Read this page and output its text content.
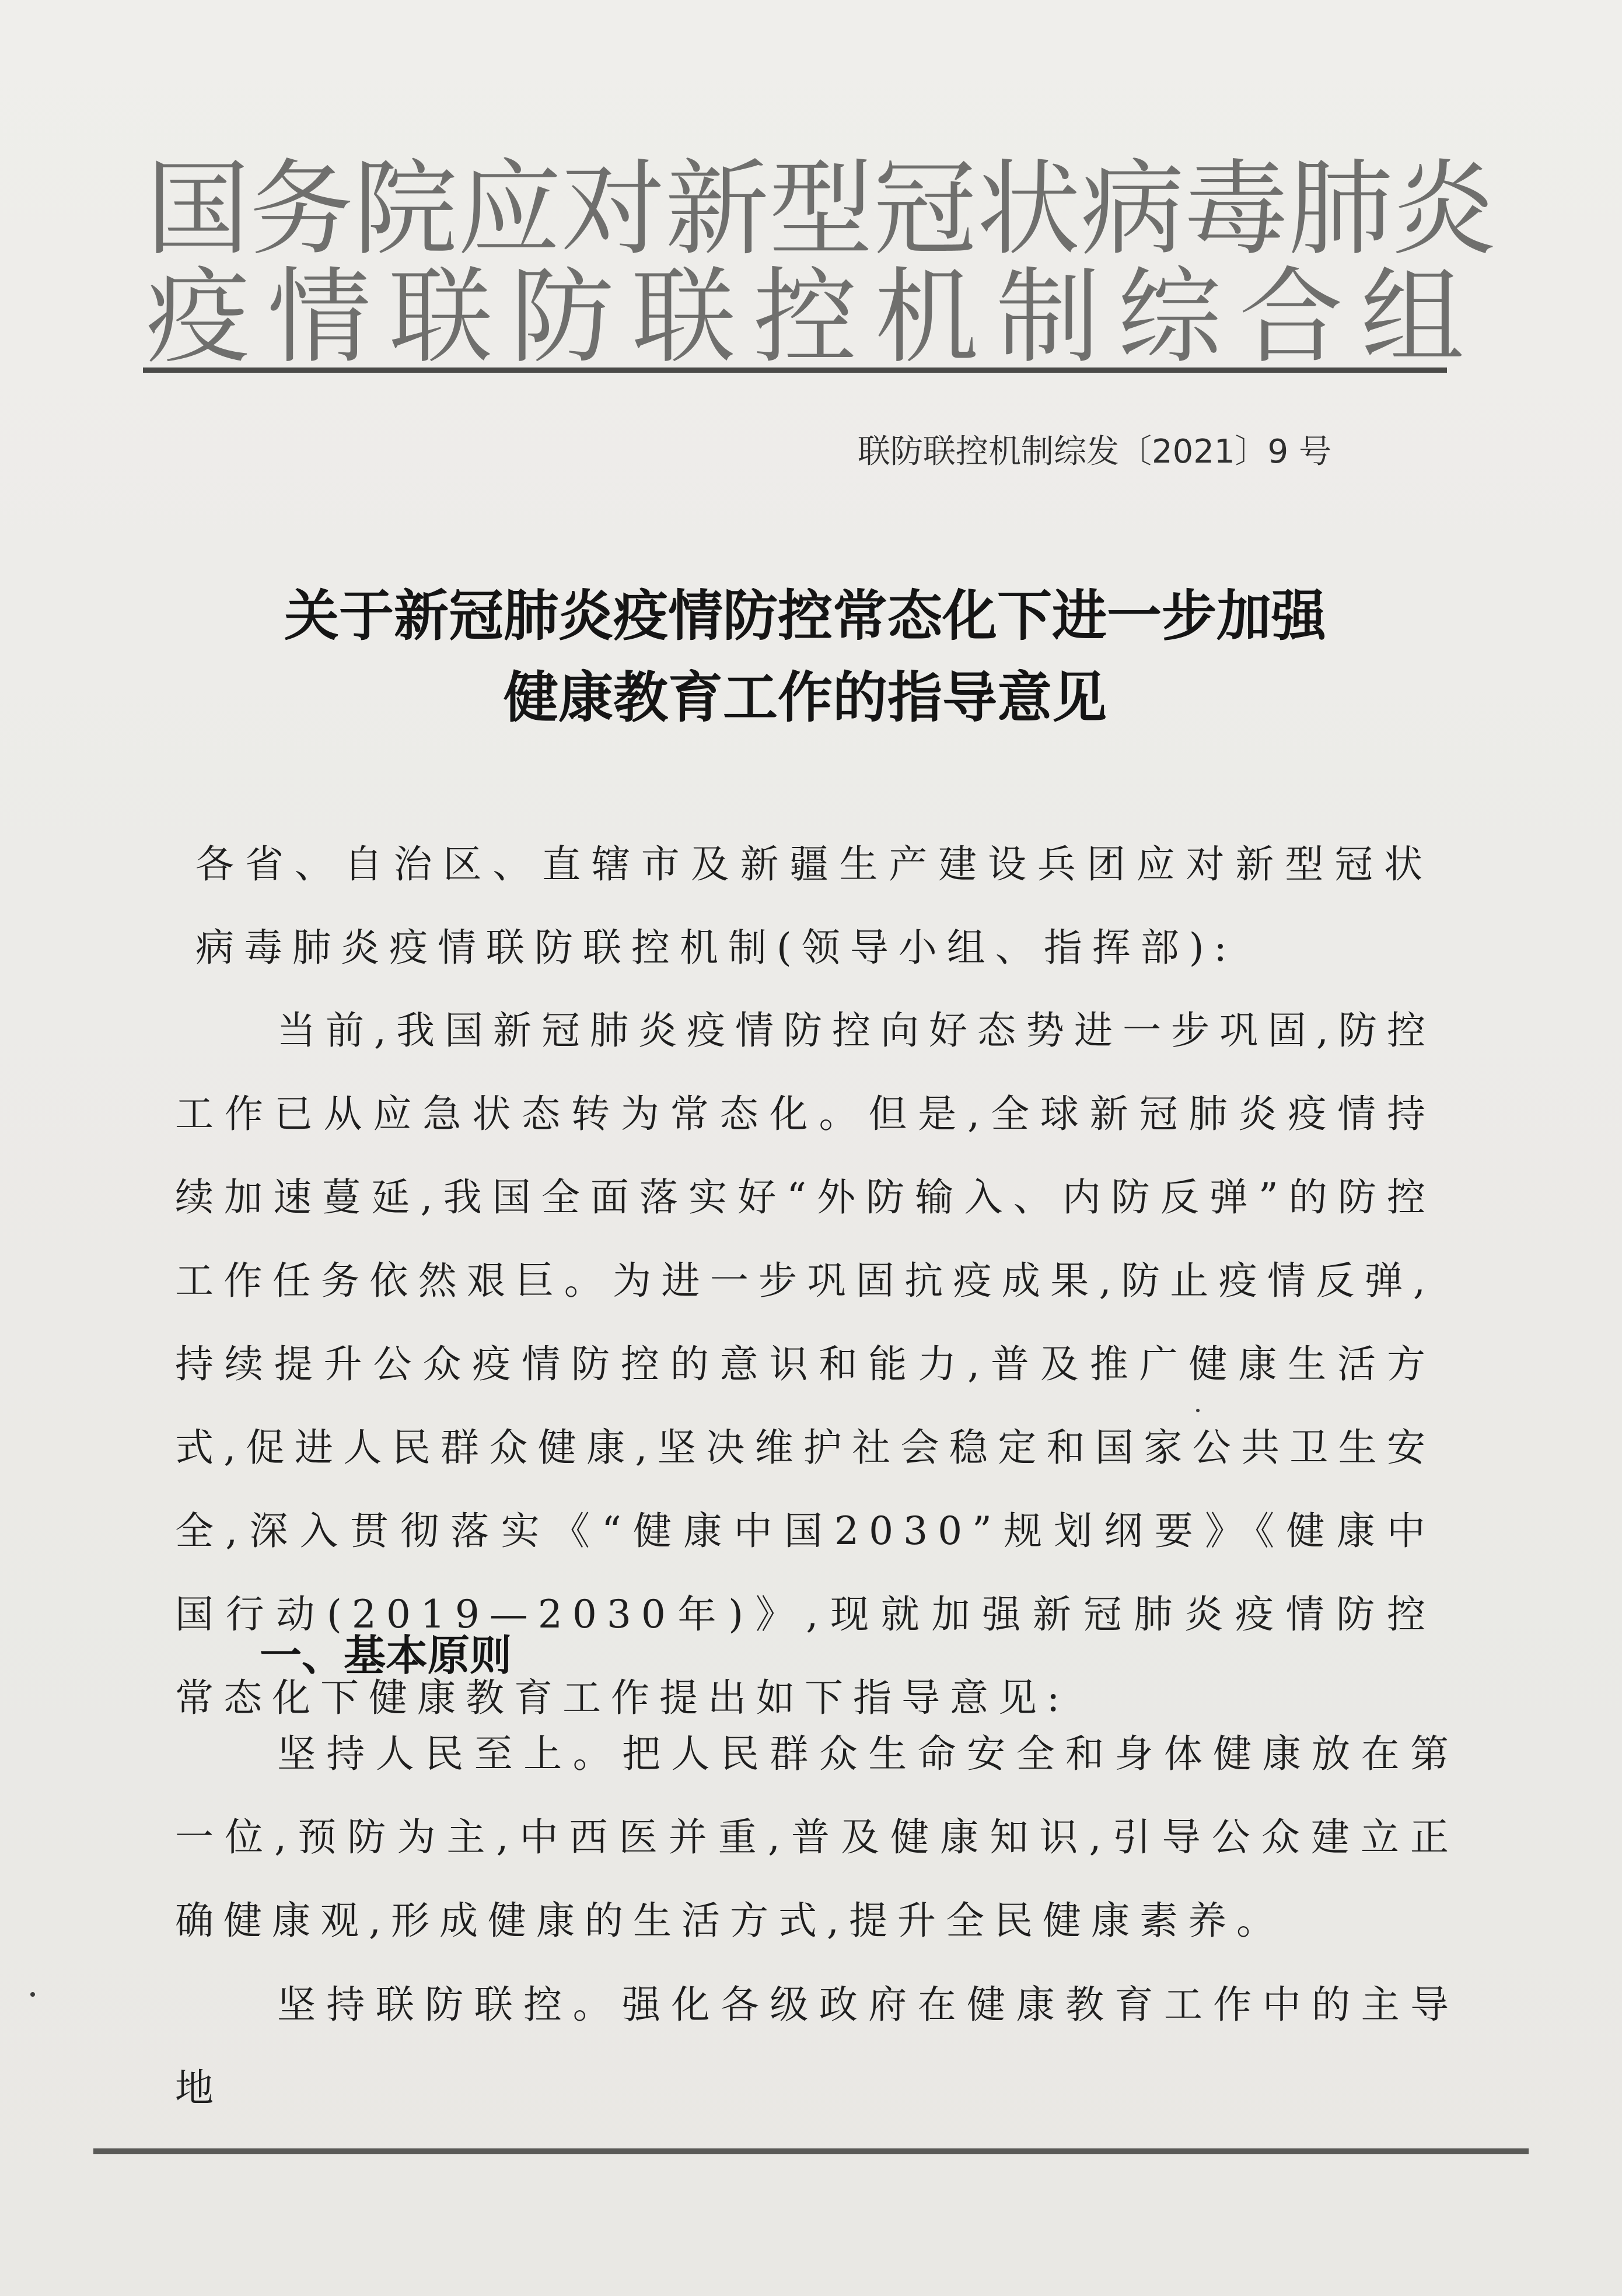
国务院应对新型冠状病毒肺炎
疫情联防联控机制综合组
联防联控机制综发〔2021〕9 号
关于新冠肺炎疫情防控常态化下进一步加强
健康教育工作的指导意见
各省、自治区、直辖市及新疆生产建设兵团应对新型冠状病毒肺炎疫情联防联控机制(领导小组、指挥部):
当前,我国新冠肺炎疫情防控向好态势进一步巩固,防控工作已从应急状态转为常态化。但是,全球新冠肺炎疫情持续加速蔓延,我国全面落实好“外防输入、内防反弹”的防控工作任务依然艰巨。为进一步巩固抗疫成果,防止疫情反弹,持续提升公众疫情防控的意识和能力,普及推广健康生活方式,促进人民群众健康,坚决维护社会稳定和国家公共卫生安全,深入贯彻落实《“健康中国2030”规划纲要》《健康中国行动(2019—2030年)》,现就加强新冠肺炎疫情防控常态化下健康教育工作提出如下指导意见:
一、基本原则
坚持人民至上。把人民群众生命安全和身体健康放在第一位,预防为主,中西医并重,普及健康知识,引导公众建立正确健康观,形成健康的生活方式,提升全民健康素养。
坚持联防联控。强化各级政府在健康教育工作中的主导地
